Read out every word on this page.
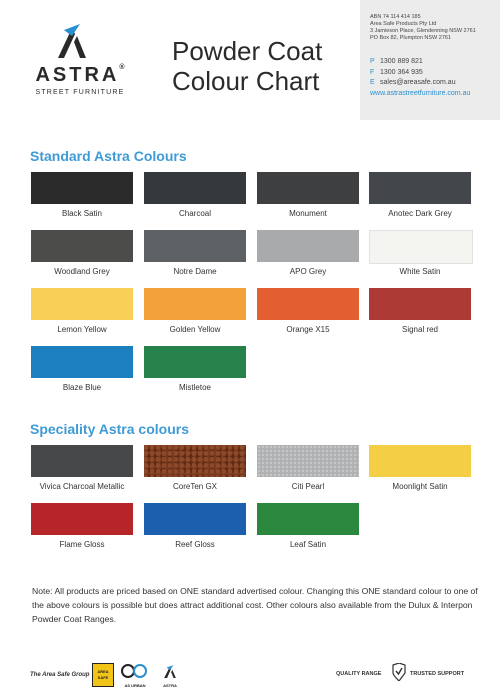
ASTRA®
STREET FURNITURE
Powder Coat
Colour Chart
ABN 74 114 414 185
Area Safe Products Pty Ltd
3 Jamieson Place, Glendenning NSW 2761
PO Box 82, Plumpton NSW 2761
P 1300 889 821
F 1300 364 935
E sales@areasafe.com.au
www.astrastreetfurniture.com.au
Standard Astra Colours
Speciality Astra colours
Black Satin	Charcoal	Monument	Anotec Dark Grey
Woodland Grey	Notre Dame	APO Grey	White Satin
Lemon Yellow	Golden Yellow	Orange X15	Signal red
Blaze Blue	Mistletoe
Vivica Charcoal Metallic	CoreTen GX	Citi Pearl	Moonlight Satin
Flame Gloss	Reef Gloss	Leaf Satin
Note: All products are priced based on ONE standard advertised colour. Changing this ONE standard colour to one of the above colours is possible but does attract additional cost. Other colours also available from the Dulux & Interpon Powder Coat Ranges.
The Area Safe Group
AREA SAFE
AS URBAN	ASTRA
QUALITY RANGE	TRUSTED SUPPORT
